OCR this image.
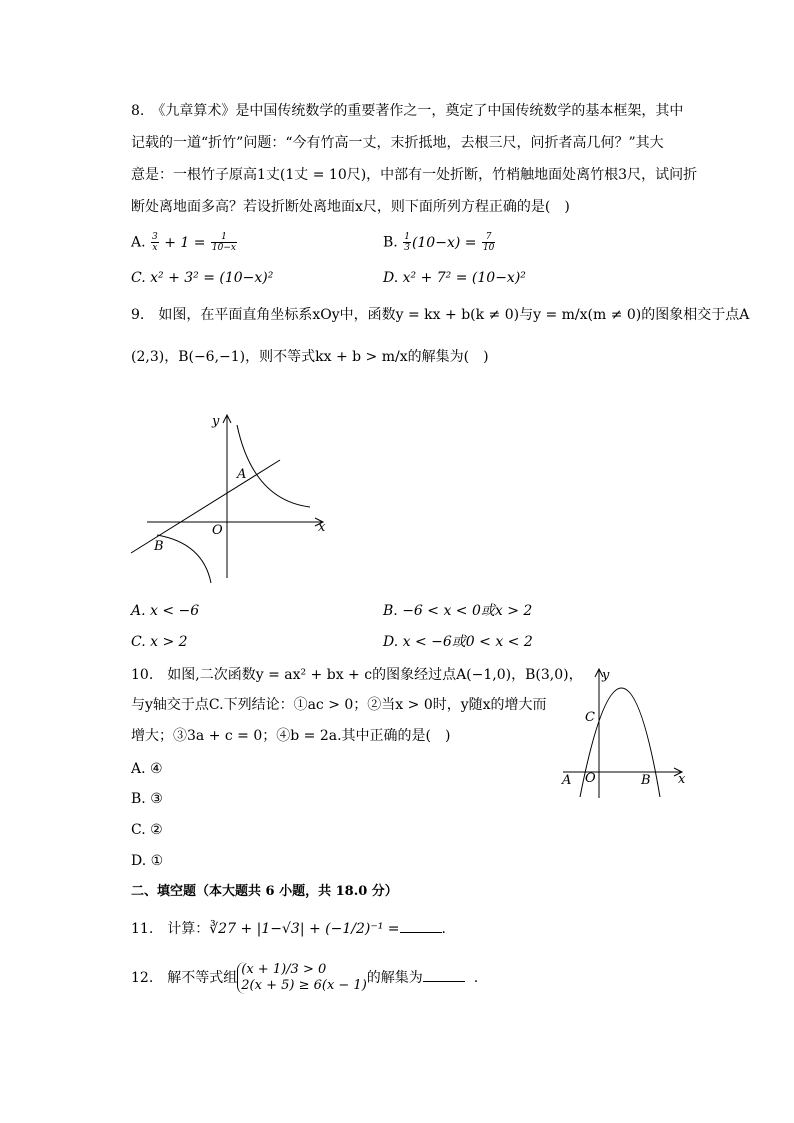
8.　《九章算术》是中国传统数学的重要著作之一，奠定了中国传统数学的基本框架，其中
记载的一道“折竹”问题：“今有竹高一丈，末折抵地，去根三尺，问折者高几何？”其大
意是：一根竹子原高1丈(1丈 = 10尺)，中部有一处折断，竹梢触地面处离竹根3尺，试问折
断处离地面多高？若设折断处离地面x尺，则下面所列方程正确的是(　)
A. $\frac{3}{x} + 1 = \frac{1}{10-x}$	B. $\frac{1}{3} (10-x) = \frac{7}{10}$
C. x² + 3² = (10−x)²	D. x² + 7² = (10−x)²
9.　如图，在平面直角坐标系xOy中，函数y = kx + b(k ≠ 0)与y = m/x(m ≠ 0)的图象相交于点A
(2,3)，B(−6,−1)，则不等式kx + b > m/x的解集为(　)
y
x
O
A
B
A. x < −6	B. −6 < x < 0或x > 2
C. x > 2	D. x < −6或0 < x < 2
10.　如图,二次函数y = ax² + bx + c的图象经过点A(−1,0)，B(3,0)，
与y轴交于点C.下列结论：①ac > 0；②当x > 0时，y随x的增大而
增大；③3a + c = 0；④b = 2a.其中正确的是(　)
y
x
O
A	B
C
A. ④
B. ③
C. ②
D. ①
二、填空题（本大题共 6 小题，共 18.0 分）
11.　计算：∛27 + |1−√3| + (−1/2)⁻¹ =	.
12.　解不等式组
(x + 1)/3 > 0
2(x + 5) ≥ 6(x − 1) 的解集为	.
